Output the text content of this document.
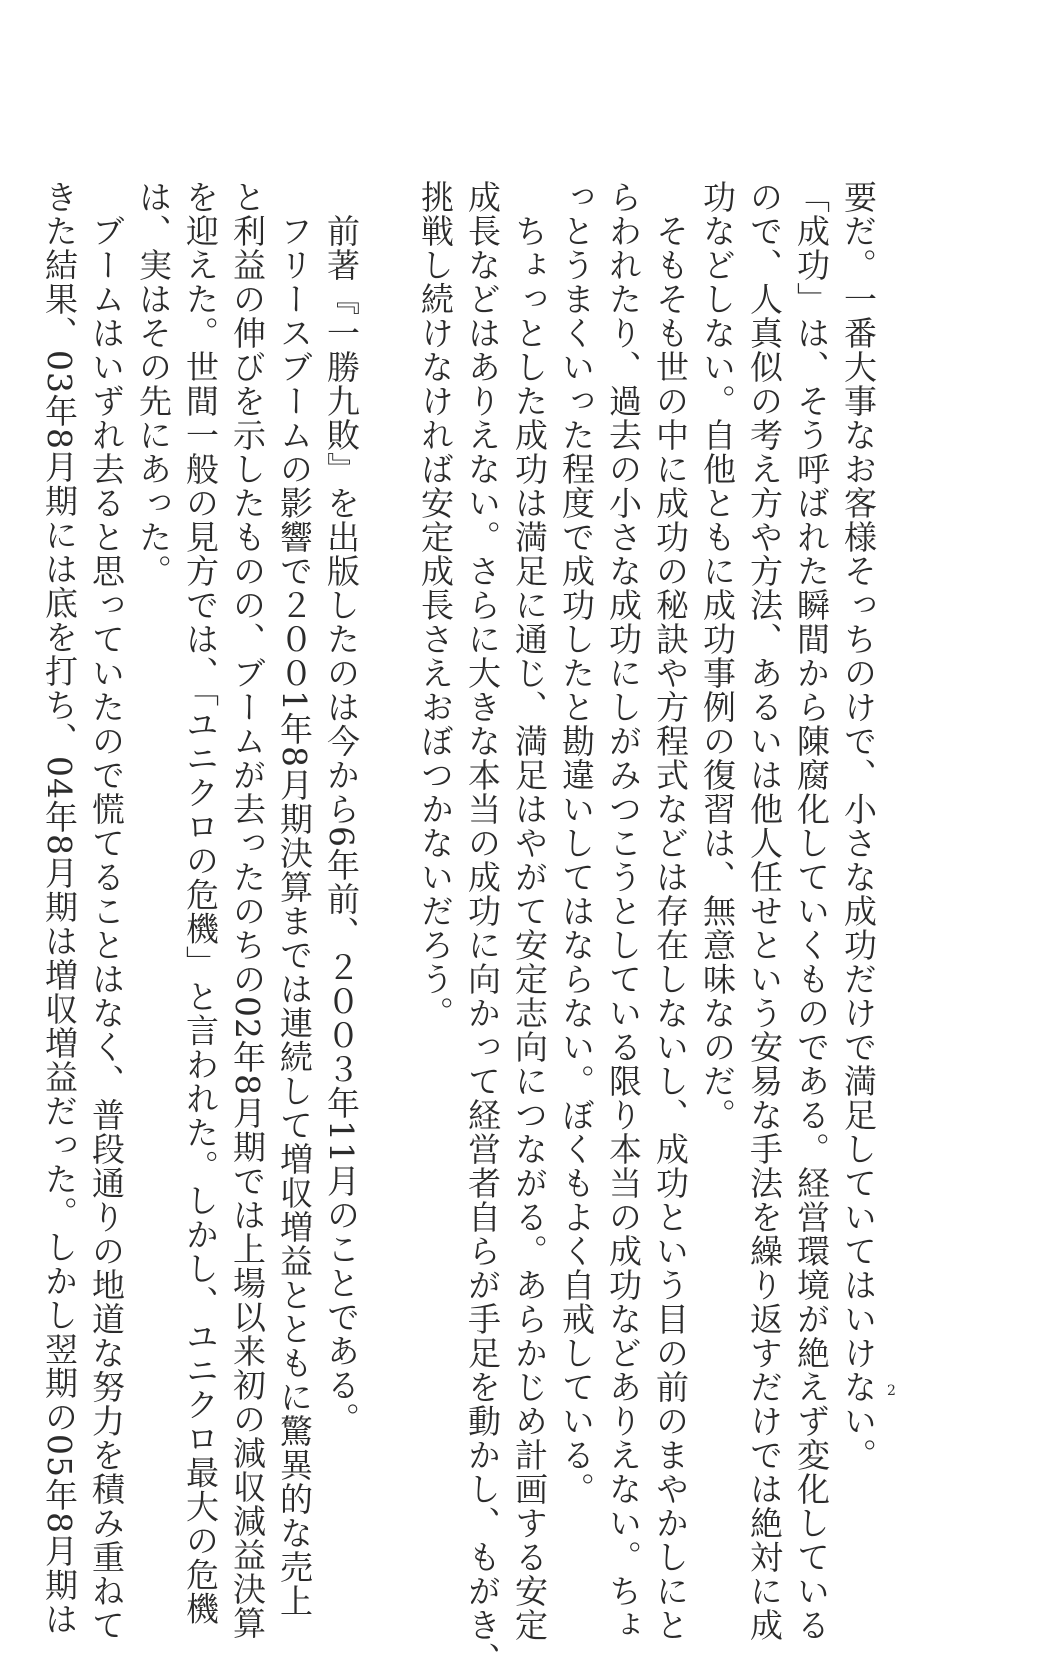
要だ。一番大事なお客様そっちのけで、小さな成功だけで満足していてはいけない。

「成功」は、そう呼ばれた瞬間から陳腐化していくものである。経営環境が絶えず変化している

ので、人真似の考え方や方法、あるいは他人任せという安易な手法を繰り返すだけでは絶対に成

功などしない。自他ともに成功事例の復習は、無意味なのだ。

　そもそも世の中に成功の秘訣や方程式などは存在しないし、成功という目の前のまやかしにと

らわれたり、過去の小さな成功にしがみつこうとしている限り本当の成功などありえない。ちょ

っとうまくいった程度で成功したと勘違いしてはならない。ぼくもよく自戒している。

　ちょっとした成功は満足に通じ、満足はやがて安定志向につながる。あらかじめ計画する安定

成長などはありえない。さらに大きな本当の成功に向かって経営者自らが手足を動かし、もがき、

挑戦し続けなければ安定成長さえおぼつかないだろう。

　前著『一勝九敗』を出版したのは今から6年前、２００３年11月のことである。

　フリースブームの影響で２００1年8月期決算までは連続して増収増益とともに驚異的な売上

と利益の伸びを示したものの、ブームが去ったのちの02年8月期では上場以来初の減収減益決算

を迎えた。世間一般の見方では、「ユニクロの危機」と言われた。しかし、ユニクロ最大の危機

は、実はその先にあった。

　ブームはいずれ去ると思っていたので慌てることはなく、普段通りの地道な努力を積み重ねて

きた結果、03年8月期には底を打ち、04年8月期は増収増益だった。しかし翌期の05年8月期は	2
